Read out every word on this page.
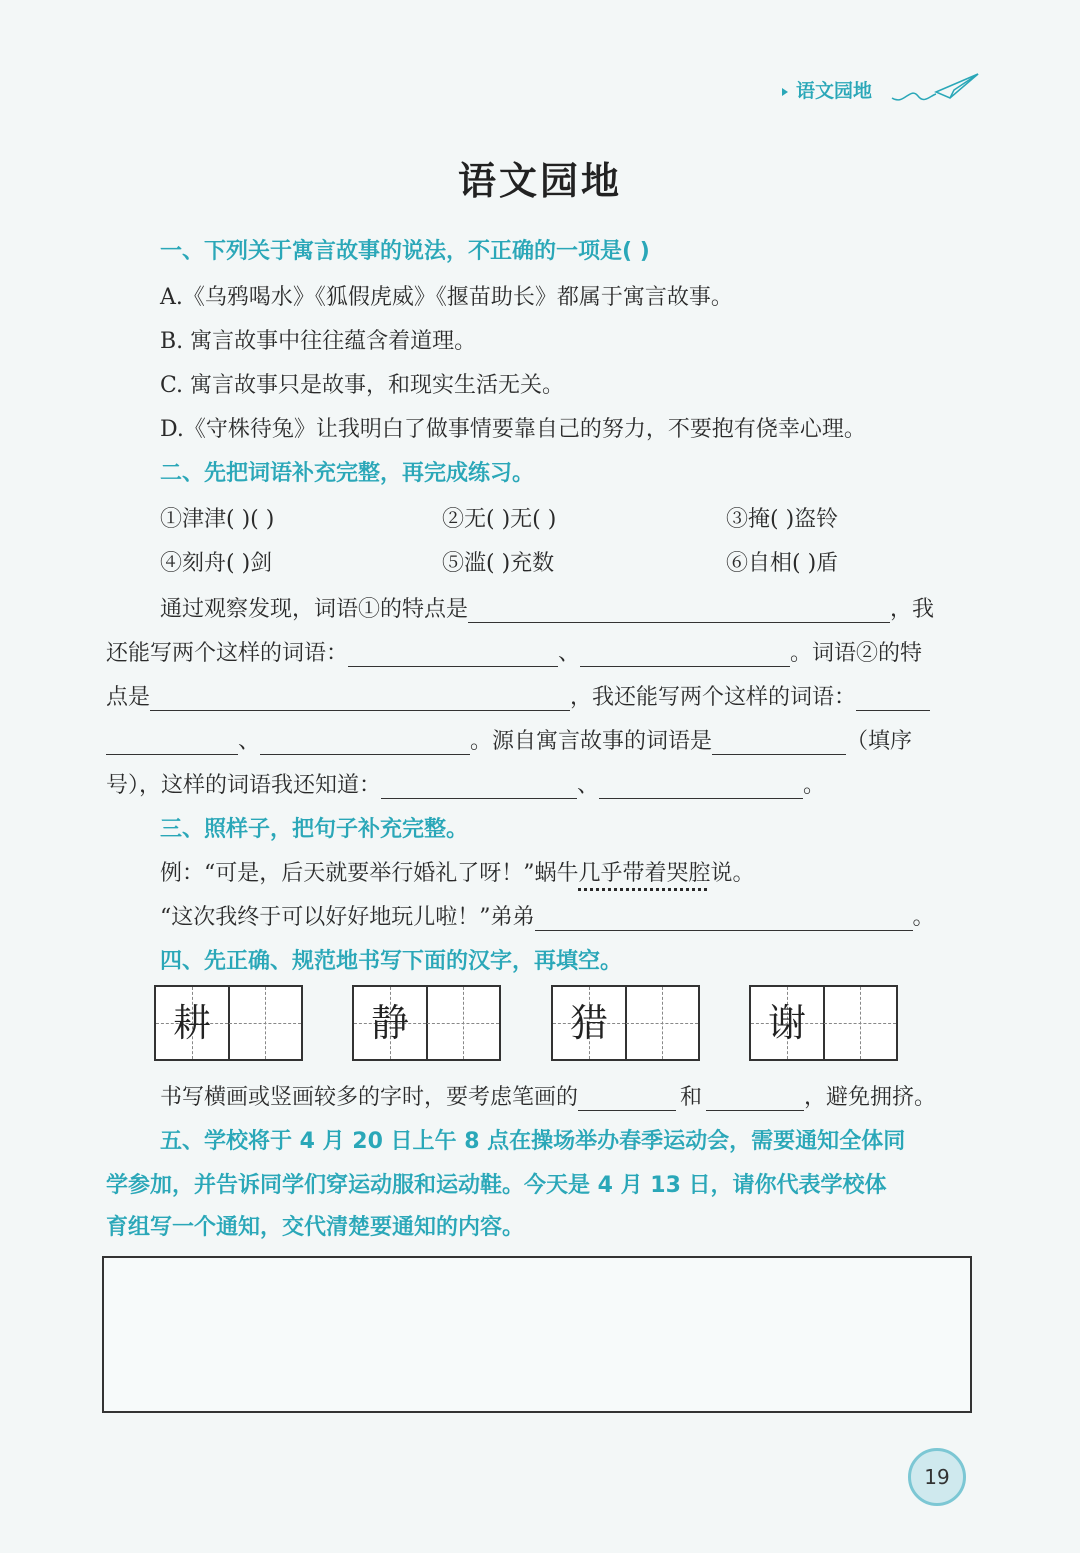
语文园地
语文园地
一、下列关于寓言故事的说法，不正确的一项是( )
A.《乌鸦喝水》《狐假虎威》《揠苗助长》都属于寓言故事。
B. 寓言故事中往往蕴含着道理。
C. 寓言故事只是故事，和现实生活无关。
D.《守株待兔》让我明白了做事情要靠自己的努力，不要抱有侥幸心理。
二、先把词语补充完整，再完成练习。
①津津( )( )	②无( )无( )	③掩( )盗铃
④刻舟( )剑	⑤滥( )充数	⑥自相( )盾
通过观察发现，词语①的特点是	，我
还能写两个这样的词语：	、	。词语②的特
点是	，我还能写两个这样的词语：
、	。源自寓言故事的词语是	（填序
号），这样的词语我还知道：	、	。
三、照样子，把句子补充完整。
例：“可是，后天就要举行婚礼了呀！”蜗牛几乎带着哭腔说。
“这次我终于可以好好地玩儿啦！”弟弟	。
四、先正确、规范地书写下面的汉字，再填空。
耕	静	猎	谢
书写横画或竖画较多的字时，要考虑笔画的	和	，避免拥挤。
五、学校将于 4 月 20 日上午 8 点在操场举办春季运动会，需要通知全体同
学参加，并告诉同学们穿运动服和运动鞋。今天是 4 月 13 日，请你代表学校体
育组写一个通知，交代清楚要通知的内容。
19
